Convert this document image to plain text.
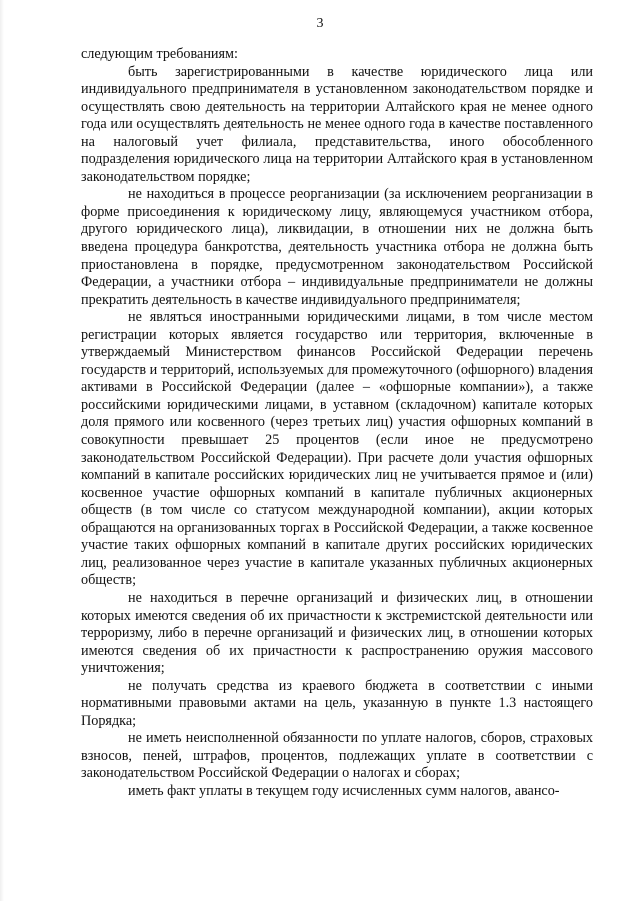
3

следующим требованиям:

быть зарегистрированными в качестве юридического лица или индивидуального предпринимателя в установленном законодательством порядке и осуществлять свою деятельность на территории Алтайского края не менее одного года или осуществлять деятельность не менее одного года в качестве поставленного на налоговый учет филиала, представительства, иного обособленного подразделения юридического лица на территории Алтайского края в установленном законодательством порядке;

не находиться в процессе реорганизации (за исключением реорганизации в форме присоединения к юридическому лицу, являющемуся участником отбора, другого юридического лица), ликвидации, в отношении них не должна быть введена процедура банкротства, деятельность участника отбора не должна быть приостановлена в порядке, предусмотренном законодательством Российской Федерации, а участники отбора – индивидуальные предприниматели не должны прекратить деятельность в качестве индивидуального предпринимателя;

не являться иностранными юридическими лицами, в том числе местом регистрации которых является государство или территория, включенные в утверждаемый Министерством финансов Российской Федерации перечень государств и территорий, используемых для промежуточного (офшорного) владения активами в Российской Федерации (далее – «офшорные компании»), а также российскими юридическими лицами, в уставном (складочном) капитале которых доля прямого или косвенного (через третьих лиц) участия офшорных компаний в совокупности превышает 25 процентов (если иное не предусмотрено законодательством Российской Федерации). При расчете доли участия офшорных компаний в капитале российских юридических лиц не учитывается прямое и (или) косвенное участие офшорных компаний в капитале публичных акционерных обществ (в том числе со статусом международной компании), акции которых обращаются на организованных торгах в Российской Федерации, а также косвенное участие таких офшорных компаний в капитале других российских юридических лиц, реализованное через участие в капитале указанных публичных акционерных обществ;

не находиться в перечне организаций и физических лиц, в отношении которых имеются сведения об их причастности к экстремистской деятельности или терроризму, либо в перечне организаций и физических лиц, в отношении которых имеются сведения об их причастности к распространению оружия массового уничтожения;

не получать средства из краевого бюджета в соответствии с иными нормативными правовыми актами на цель, указанную в пункте 1.3 настоящего Порядка;

не иметь неисполненной обязанности по уплате налогов, сборов, страховых взносов, пеней, штрафов, процентов, подлежащих уплате в соответствии с законодательством Российской Федерации о налогах и сборах;

иметь факт уплаты в текущем году исчисленных сумм налогов, авансо-
